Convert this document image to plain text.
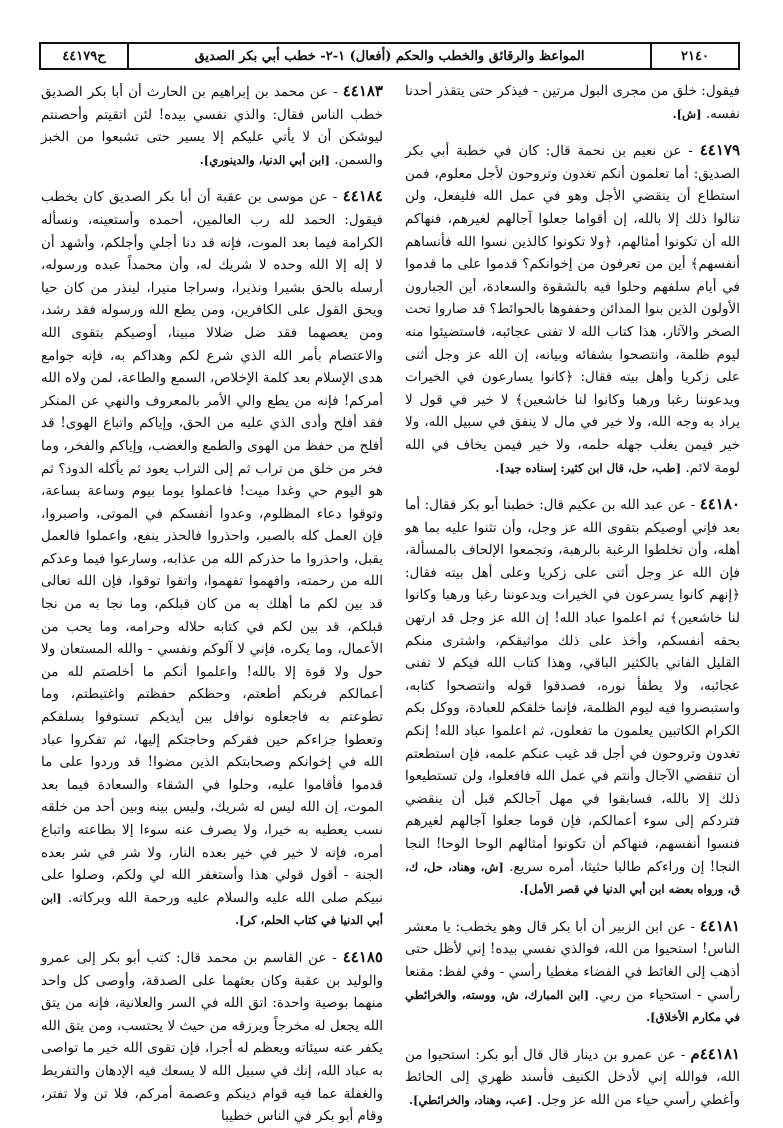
ح٤٤١٧٩	المواعظ والرقائق والخطب والحكم (أفعال) ١-٢- خطب أبي بكر الصديق	٢١٤٠

فيقول: خلق من مجرى البول مرتين - فيذكر حتى يتقذر أحدنا نفسه. [ش].

٤٤١٧٩ - عن نعيم بن نحمة قال: كان في خطبة أبي بكر الصديق: أما تعلمون أنكم تغدون وتروحون لأجل معلوم، فمن استطاع أن ينقضي الأجل وهو في عمل الله فليفعل، ولن تنالوا ذلك إلا بالله، إن أقواما جعلوا آجالهم لغيرهم، فنهاكم الله أن تكونوا أمثالهم، ﴿ولا تكونوا كالذين نسوا الله فأنساهم أنفسهم﴾ أين من تعرفون من إخوانكم؟ قدموا على ما قدموا في أيام سلفهم وحلوا فيه بالشقوة والسعادة، أين الجبارون الأولون الذين بنوا المدائن وحففوها بالحوائط؟ قد صاروا تحت الصخر والآثار، هذا كتاب الله لا تفنى عجائبه، فاستضيئوا منه ليوم ظلمة، وانتصحوا بشفائه وبيانه، إن الله عز وجل أثنى على زكريا وأهل بيته فقال: ﴿كانوا يسارعون في الخيرات ويدعوننا رغبا ورهبا وكانوا لنا خاشعين﴾ لا خير في قول لا يراد به وجه الله، ولا خير في مال لا ينفق في سبيل الله، ولا خير فيمن يغلب جهله حلمه، ولا خير فيمن يخاف في الله لومة لائم. [طب، حل، قال ابن كثير: إسناده جيد].

٤٤١٨٠ - عن عبد الله بن عكيم قال: خطبنا أبو بكر فقال: أما بعد فإني أوصيكم بتقوى الله عز وجل، وأن تثنوا عليه بما هو أهله، وأن تخلطوا الرغبة بالرهبة، وتجمعوا الإلحاف بالمسألة، فإن الله عز وجل أثنى على زكريا وعلى أهل بيته فقال: ﴿إنهم كانوا يسرعون في الخيرات ويدعوننا رغبا ورهبا وكانوا لنا خاشعين﴾ ثم اعلموا عباد الله! إن الله عز وجل قد ارتهن بحقه أنفسكم، وأخذ على ذلك مواثيقكم، واشترى منكم القليل الفاني بالكثير الباقي، وهذا كتاب الله فيكم لا تفنى عجائبه، ولا يطفأ نوره، فصدقوا قوله وانتصحوا كتابه، واستبصروا فيه ليوم الظلمة، فإنما خلقكم للعبادة، ووكل بكم الكرام الكاتبين يعلمون ما تفعلون، ثم اعلموا عباد الله! إنكم تغدون وتروحون في أجل قد غيب عنكم علمه، فإن استطعتم أن تنقضي الآجال وأنتم في عمل الله فافعلوا، ولن تستطيعوا ذلك إلا بالله، فسابقوا في مهل آجالكم قبل أن ينقضي فتردكم إلى سوء أعمالكم، فإن قوما جعلوا آجالهم لغيرهم فنسوا أنفسهم، فنهاكم أن تكونوا أمثالهم الوحا الوحا! النجا النجا! إن وراءكم طالبا حثيثا، أمره سريع. [ش، وهناد، حل، ك، ق، ورواه بعضه ابن أبي الدنيا في قصر الأمل].

٤٤١٨١ - عن ابن الزبير أن أبا بكر قال وهو يخطب: يا معشر الناس! استحيوا من الله، فوالذي نفسي بيده! إني لأظل حتى أذهب إلى الغائط في الفضاء مغطيا رأسي - وفي لفظ: مقنعا رأسي - استحياء من ربي. [ابن المبارك، ش، ووسته، والخرائطي في مكارم الأخلاق].

٤٤١٨١م - عن عمرو بن دينار قال قال أبو بكر: استحيوا من الله، فوالله إني لأدخل الكنيف فأسند ظهري إلى الحائط وأغطي رأسي حياء من الله عز وجل. [عب، وهناد، والخرائطي].

٤٤١٨٣ - عن محمد بن إبراهيم بن الحارث أن أبا بكر الصديق خطب الناس فقال: والذي نفسي بيده! لئن اتقيتم وأحصنتم ليوشكن أن لا يأتي عليكم إلا يسير حتى تشبعوا من الخبز والسمن. [ابن أبي الدنيا، والدينوري].

٤٤١٨٤ - عن موسى بن عقبة أن أبا بكر الصديق كان يخطب فيقول: الحمد لله رب العالمين، أحمده وأستعينه، ونسأله الكرامة فيما بعد الموت، فإنه قد دنا أجلي وأجلكم، وأشهد أن لا إله إلا الله وحده لا شريك له، وأن محمداً عبده ورسوله، أرسله بالحق بشيرا ونذيرا، وسراجا منيرا، لينذر من كان حيا ويحق القول على الكافرين، ومن يطع الله ورسوله فقد رشد، ومن يعصهما فقد ضل ضلالا مبينا، أوصيكم بتقوى الله والاعتصام بأمر الله الذي شرع لكم وهداكم به، فإنه جوامع هدى الإسلام بعد كلمة الإخلاص، السمع والطاعة، لمن ولاه الله أمركم! فإنه من يطع والي الأمر بالمعروف والنهي عن المنكر فقد أفلح وأدى الذي عليه من الحق، وإياكم واتباع الهوى! قد أفلح من حفظ من الهوى والطمع والغضب، وإياكم والفخر، وما فخر من خلق من تراب ثم إلى التراب يعود ثم يأكله الدود؟ ثم هو اليوم حي وغدا ميت! فاعملوا يوما بيوم وساعة بساعة، وتوقوا دعاء المظلوم، وعدوا أنفسكم في الموتى، واصبروا، فإن العمل كله بالصبر، واحذروا فالحذر ينفع، واعملوا فالعمل يقبل، واحذروا ما حذركم الله من عذابه، وسارعوا فيما وعدكم الله من رحمته، وافهموا تفهموا، واتقوا توقوا، فإن الله تعالى قد بين لكم ما أهلك به من كان قبلكم، وما نجا به من نجا قبلكم، قد بين لكم في كتابه حلاله وحرامه، وما يحب من الأعمال، وما يكره، فإني لا آلوكم ونفسي - والله المستعان ولا حول ولا قوة إلا بالله! واعلموا أنكم ما أخلصتم لله من أعمالكم فربكم أطعتم، وحظكم حفظتم واغتبطتم، وما تطوعتم به فاجعلوه نوافل بين أيديكم تستوفوا بسلفكم وتعطوا جزاءكم حين فقركم وحاجتكم إليها، ثم تفكروا عباد الله في إخوانكم وصحابتكم الذين مضوا! قد وردوا على ما قدموا فأقاموا عليه، وحلوا في الشقاء والسعادة فيما بعد الموت، إن الله ليس له شريك، وليس بينه وبين أحد من خلقه نسب يعطيه به خيرا، ولا يصرف عنه سوءا إلا بطاعته واتباع أمره، فإنه لا خير في خير بعده النار، ولا شر في شر بعده الجنة - أقول قولي هذا وأستغفر الله لي ولكم، وصلوا على نبيكم صلى الله عليه والسلام عليه ورحمة الله وبركاته. [ابن أبي الدنيا في كتاب الحلم، كر].

٤٤١٨٥ - عن القاسم بن محمد قال: كتب أبو بكر إلى عمرو والوليد بن عقبة وكان بعثهما على الصدقة، وأوصى كل واحد منهما بوصية واحدة: اتق الله في السر والعلانية، فإنه من يتق الله يجعل له مخرجاً ويرزقه من حيث لا يحتسب، ومن يتق الله يكفر عنه سيئاته ويعظم له أجرا، فإن تقوى الله خير ما تواصى به عباد الله، إنك في سبيل الله لا يسعك فيه الإدهان والتفريط والغفلة عما فيه قوام دينكم وعصمة أمركم، فلا تن ولا تفتر، وقام أبو بكر في الناس خطيبا
